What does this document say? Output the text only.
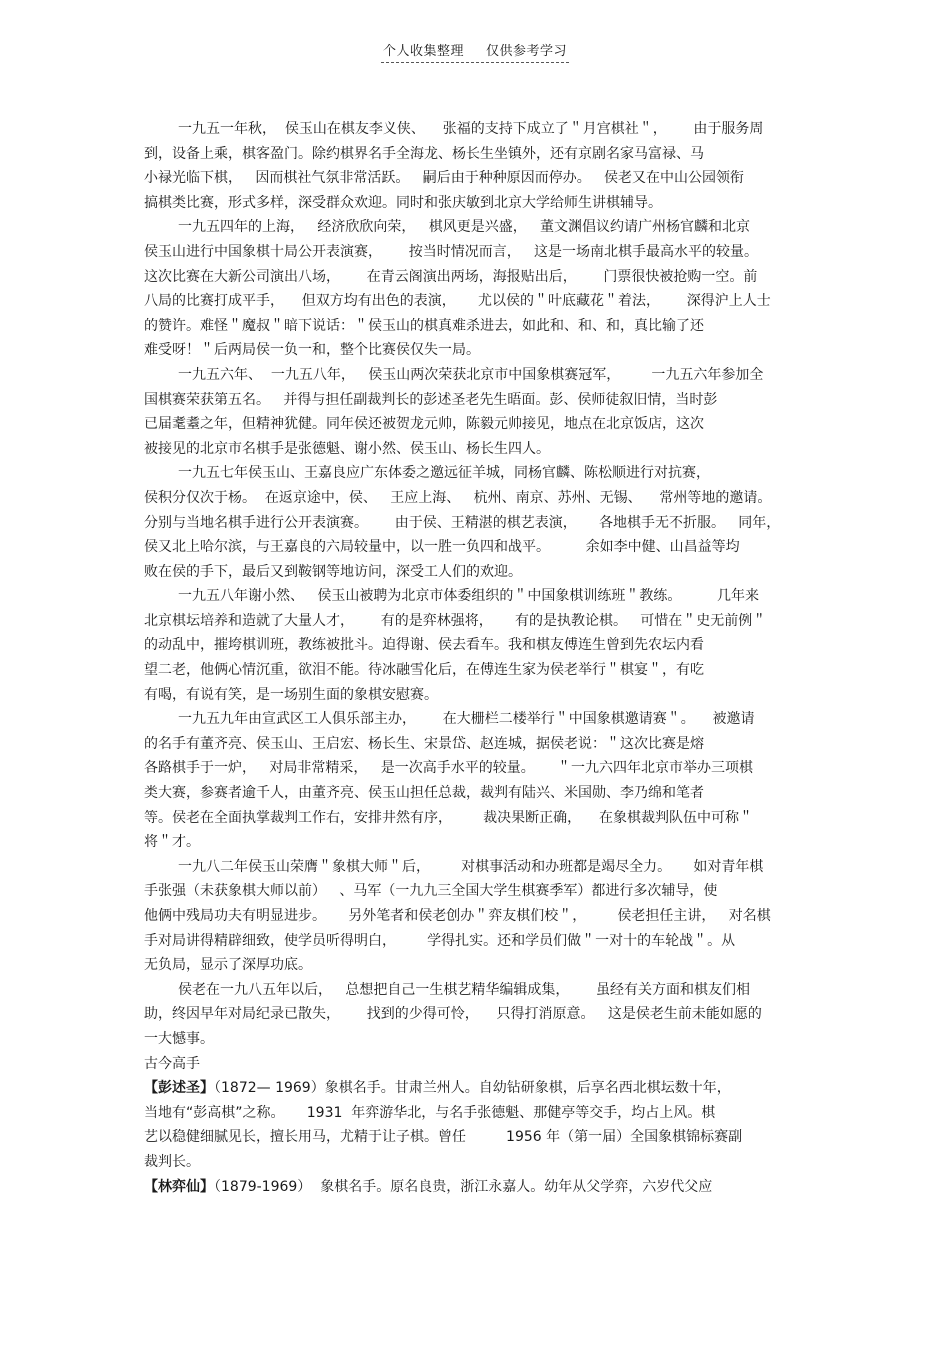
个人收集整理 仅供参考学习
一九五一年秋，  侯玉山在棋友李义侠、    张福的支持下成立了＂月宫棋社＂，      由于服务周
到，设备上乘，棋客盈门。除约棋界名手全海龙、杨长生坐镇外，还有京剧名家马富禄、马
小禄光临下棋，   因而棋社气氛非常活跃。   嗣后由于种种原因而停办。   侯老又在中山公园领衔
搞棋类比赛，形式多样，深受群众欢迎。同时和张庆敏到北京大学给师生讲棋辅导。
一九五四年的上海，   经济欣欣向荣，   棋风更是兴盛，   董文渊倡议约请广州杨官麟和北京
侯玉山进行中国象棋十局公开表演赛，      按当时情况而言，   这是一场南北棋手最高水平的较量。
这次比赛在大新公司演出八场，      在青云阁演出两场，海报贴出后，      门票很快被抢购一空。前
八局的比赛打成平手，    但双方均有出色的表演，     尤以侯的＂叶底藏花＂着法，      深得沪上人士
的赞许。难怪＂魔叔＂暗下说话：＂侯玉山的棋真难杀进去，如此和、和、和，真比输了还
难受呀！＂后两局侯一负一和，整个比赛侯仅失一局。
一九五六年、  一九五八年，   侯玉山两次荣获北京市中国象棋赛冠军，       一九五六年参加全
国棋赛荣获第五名。   并得与担任副裁判长的彭述圣老先生晤面。彭、侯师徒叙旧情，当时彭
已届耄耋之年，但精神犹健。同年侯还被贺龙元帅，陈毅元帅接见，地点在北京饭店，这次
被接见的北京市名棋手是张德魁、谢小然、侯玉山、杨长生四人。
一九五七年侯玉山、王嘉良应广东体委之邀远征羊城，同杨官麟、陈松顺进行对抗赛，
侯积分仅次于杨。  在返京途中，侯、   王应上海、   杭州、南京、苏州、无锡、    常州等地的邀请。
分别与当地名棋手进行公开表演赛。      由于侯、王精湛的棋艺表演，     各地棋手无不折服。   同年，
侯又北上哈尔滨，与王嘉良的六局较量中，以一胜一负四和战平。        余如李中健、山昌益等均
败在侯的手下，最后又到鞍钢等地访问，深受工人们的欢迎。
一九五八年谢小然、   侯玉山被聘为北京市体委组织的＂中国象棋训练班＂教练。        几年来
北京棋坛培养和造就了大量人才，      有的是弈林强将，     有的是执教论棋。   可惜在＂史无前例＂
的动乱中，摧垮棋训班，教练被批斗。迫得谢、侯去看车。我和棋友傅连生曾到先农坛内看
望二老，他俩心情沉重，欲泪不能。待冰融雪化后，在傅连生家为侯老举行＂棋宴＂，有吃
有喝，有说有笑，是一场别生面的象棋安慰赛。
一九五九年由宣武区工人俱乐部主办，      在大栅栏二楼举行＂中国象棋邀请赛＂。    被邀请
的名手有董齐亮、侯玉山、王启宏、杨长生、宋景岱、赵连城，据侯老说：＂这次比赛是熔
各路棋手于一炉，   对局非常精采，   是一次高手水平的较量。     ＂一九六四年北京市举办三项棋
类大赛，参赛者逾千人，由董齐亮、侯玉山担任总裁，裁判有陆兴、米国勋、李乃绵和笔者
等。侯老在全面执掌裁判工作右，安排井然有序，       裁决果断正确，    在象棋裁判队伍中可称＂
将＂才。
一九八二年侯玉山荣膺＂象棋大师＂后，       对棋事活动和办班都是竭尽全力。     如对青年棋
手张强（未获象棋大师以前）   、马军（一九九三全国大学生棋赛季军）都进行多次辅导，使
他俩中残局功夫有明显进步。     另外笔者和侯老创办＂弈友棋们校＂，       侯老担任主讲，   对名棋
手对局讲得精辟细致，使学员听得明白，       学得扎实。还和学员们做＂一对十的车轮战＂。从
无负局，显示了深厚功底。
侯老在一九八五年以后，   总想把自己一生棋艺精华编辑成集，      虽经有关方面和棋友们相
助，终因早年对局纪录已散失，      找到的少得可怜，    只得打消原意。   这是侯老生前未能如愿的
一大憾事。
古今高手
【彭述圣】（1872— 1969）象棋名手。甘肃兰州人。自幼钻研象棋，后享名西北棋坛数十年，
当地有“彭高棋”之称。     1931  年弈游华北，与名手张德魁、那健亭等交手，均占上风。棋
艺以稳健细腻见长，擅长用马，尤精于让子棋。曾任         1956 年（第一届）全国象棋锦标赛副
裁判长。
【林弈仙】（1879-1969）  象棋名手。原名良贵，浙江永嘉人。幼年从父学弈，六岁代父应
